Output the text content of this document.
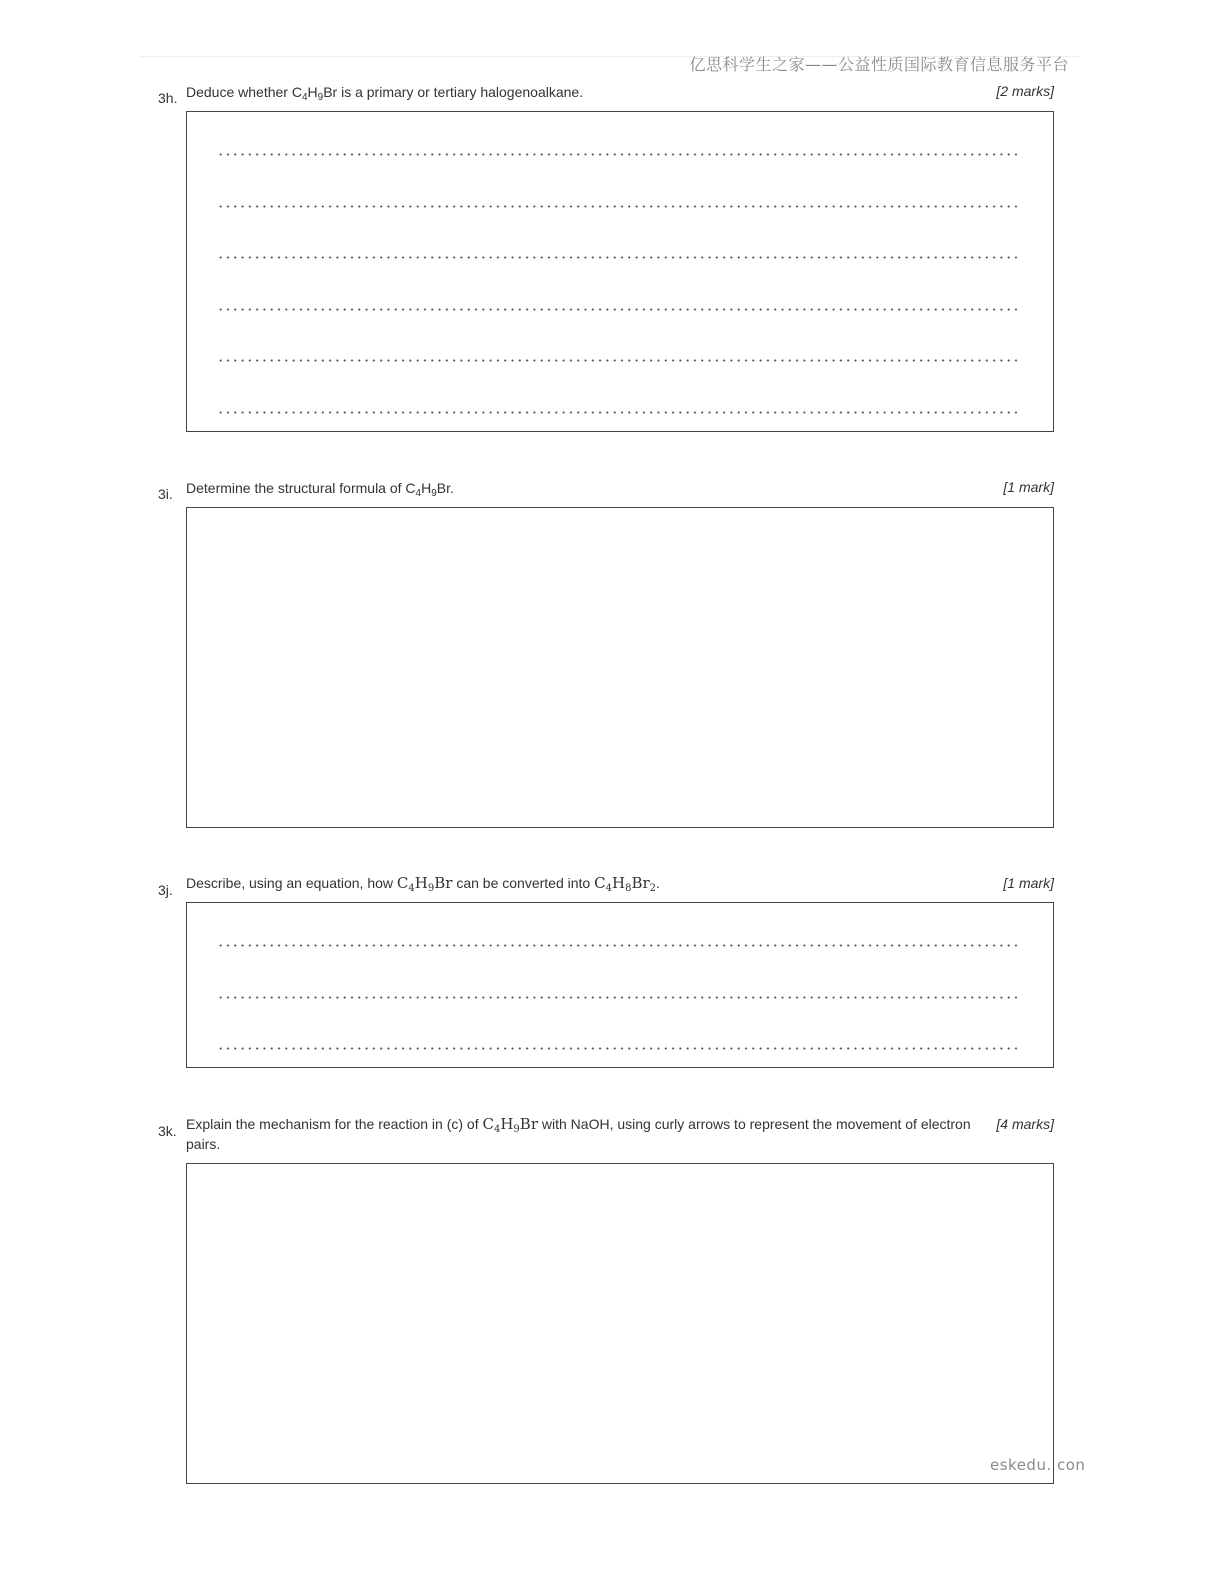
亿思科学生之家——公益性质国际教育信息服务平台
3h. Deduce whether $C_4H_9Br$ is a primary or tertiary halogenoalkane.	[2 marks]
3i. Determine the structural formula of $C_4H_9Br$.	[1 mark]
3j. Describe, using an equation, how $C_4H_9Br$ can be converted into $C_4H_8Br_2$.	[1 mark]
3k. Explain the mechanism for the reaction in (c) of $C_4H_9Br$ with NaOH, using curly arrows to represent the movement of electron pairs.
[4 marks]
eskedu. con
